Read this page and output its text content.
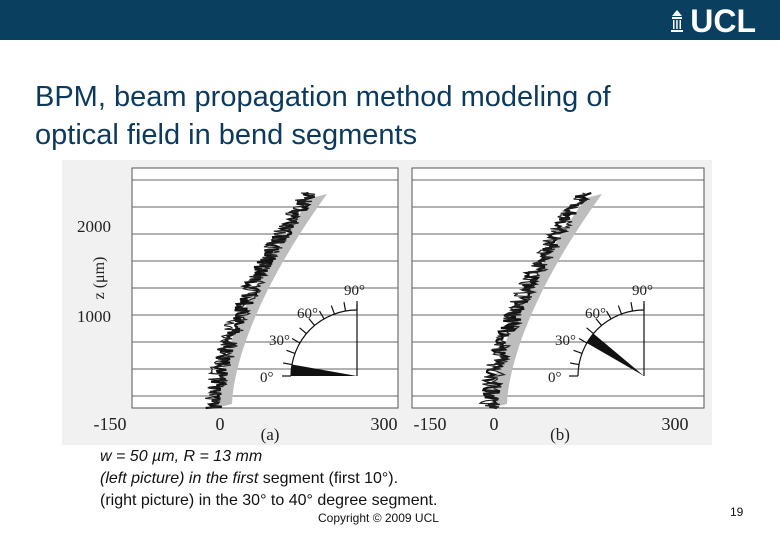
UCL
BPM, beam propagation method modeling of
optical field in bend segments
z (μm)
2000
1000
-150	0	300
(a)
90°
60°
30°
0°
-150 0	300
(b)
90°
60°
30°
0°
w = 50 µm, R = 13 mm
(left picture) in the first segment (first 10°).
(right picture) in the 30° to 40° degree segment.
Copyright © 2009 UCL	19
